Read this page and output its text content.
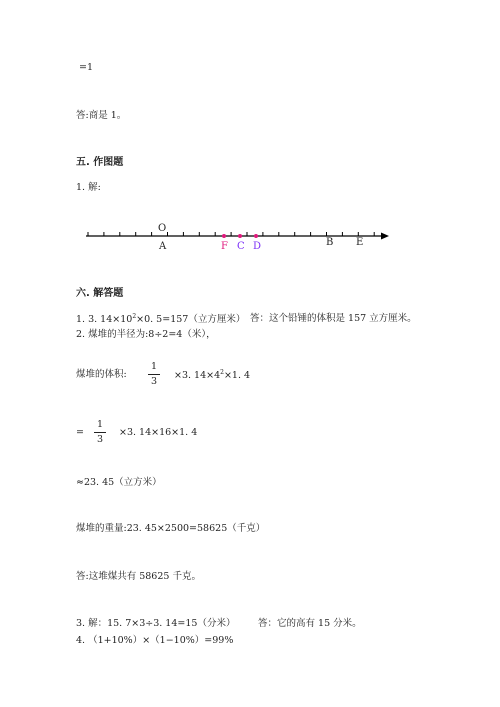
=1
答:商是 1。
五. 作图题
1. 解:
O
A	F C D	B E
六. 解答题
1. 3. $14\times 10^2\times 0$. 5=157（立方厘米） 答：这个铅锤的体积是 157 立方厘米。
2. 煤堆的半径为:8÷2=4（米），
煤堆的体积:
1
3	×3. $14\times 4^2\times 1$. 4
=
1
3
×3. 14×16×1. 4
≈23. 45（立方米）
煤堆的重量:23. 45×2500=58625（千克）
答:这堆煤共有 58625 千克。
3. 解：15. 7×3÷3. 14=15（分米） 答：它的高有 15 分米。
4. （1+10%）×（1−10%）=99%
